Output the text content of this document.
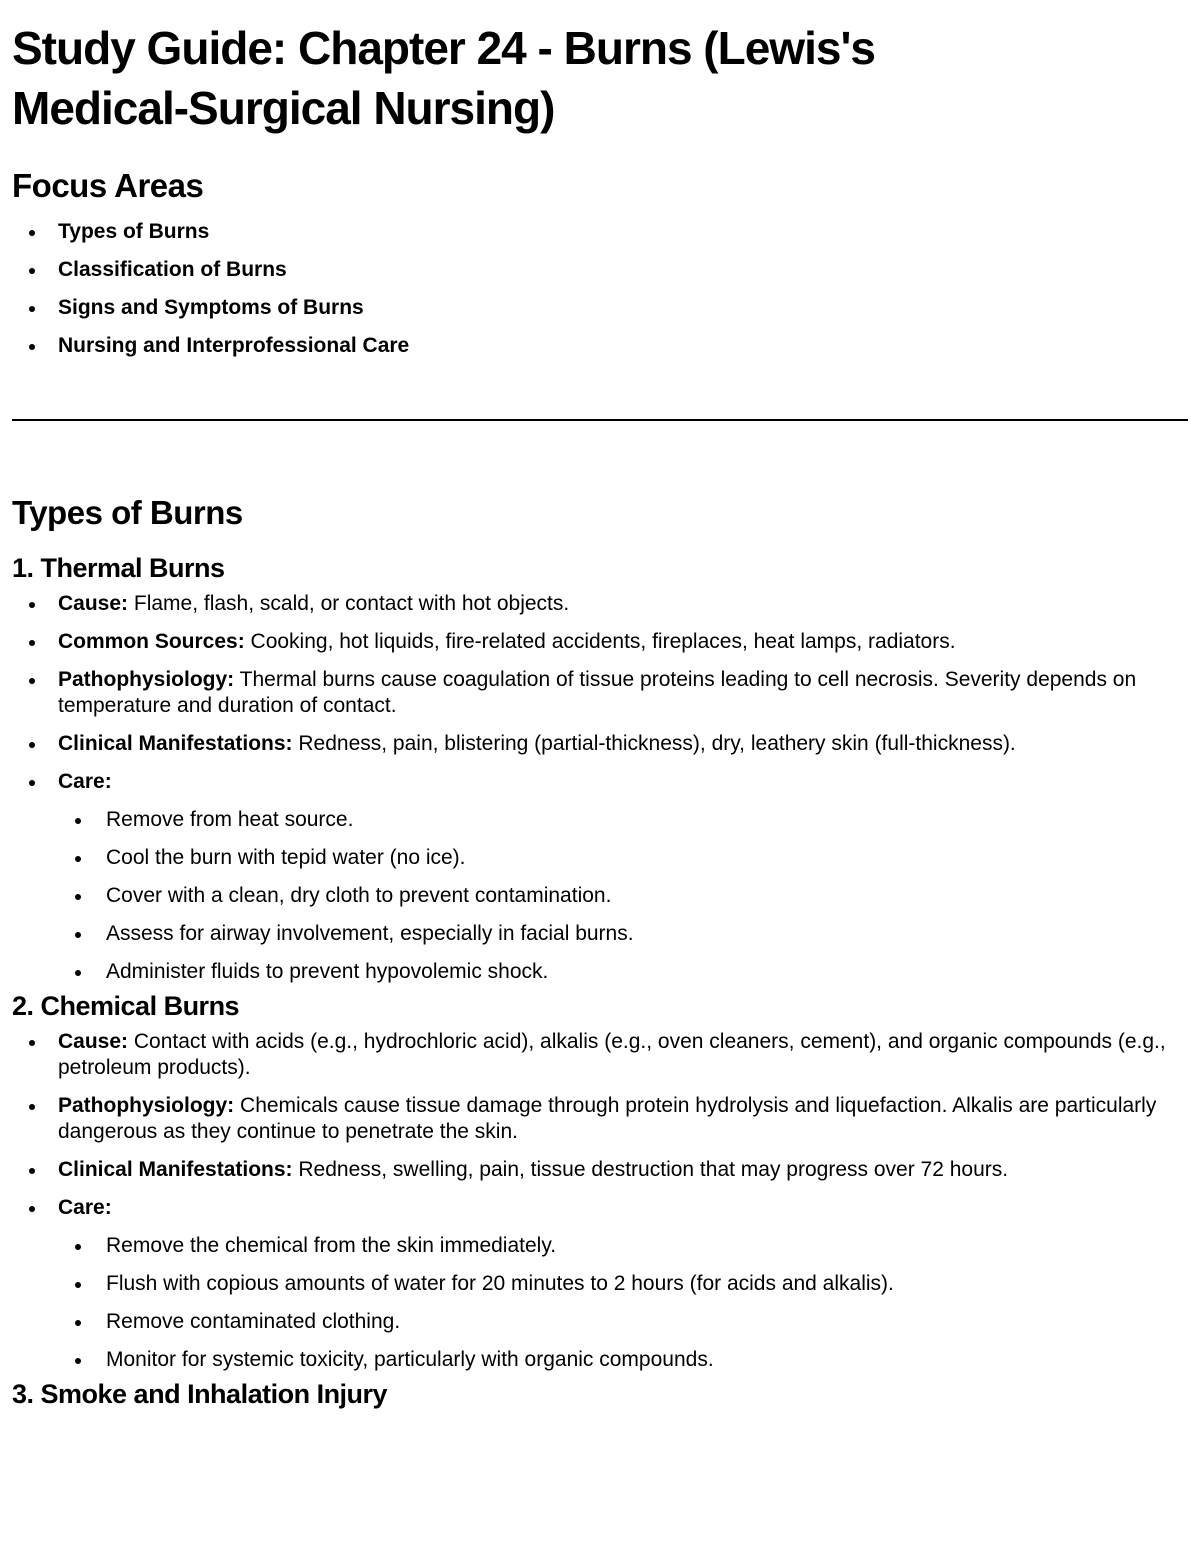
Study Guide: Chapter 24 - Burns (Lewis's Medical-Surgical Nursing)
Focus Areas
Types of Burns
Classification of Burns
Signs and Symptoms of Burns
Nursing and Interprofessional Care
Types of Burns
1. Thermal Burns
Cause: Flame, flash, scald, or contact with hot objects.
Common Sources: Cooking, hot liquids, fire-related accidents, fireplaces, heat lamps, radiators.
Pathophysiology: Thermal burns cause coagulation of tissue proteins leading to cell necrosis. Severity depends on temperature and duration of contact.
Clinical Manifestations: Redness, pain, blistering (partial-thickness), dry, leathery skin (full-thickness).
Care:
Remove from heat source.
Cool the burn with tepid water (no ice).
Cover with a clean, dry cloth to prevent contamination.
Assess for airway involvement, especially in facial burns.
Administer fluids to prevent hypovolemic shock.
2. Chemical Burns
Cause: Contact with acids (e.g., hydrochloric acid), alkalis (e.g., oven cleaners, cement), and organic compounds (e.g., petroleum products).
Pathophysiology: Chemicals cause tissue damage through protein hydrolysis and liquefaction. Alkalis are particularly dangerous as they continue to penetrate the skin.
Clinical Manifestations: Redness, swelling, pain, tissue destruction that may progress over 72 hours.
Care:
Remove the chemical from the skin immediately.
Flush with copious amounts of water for 20 minutes to 2 hours (for acids and alkalis).
Remove contaminated clothing.
Monitor for systemic toxicity, particularly with organic compounds.
3. Smoke and Inhalation Injury
